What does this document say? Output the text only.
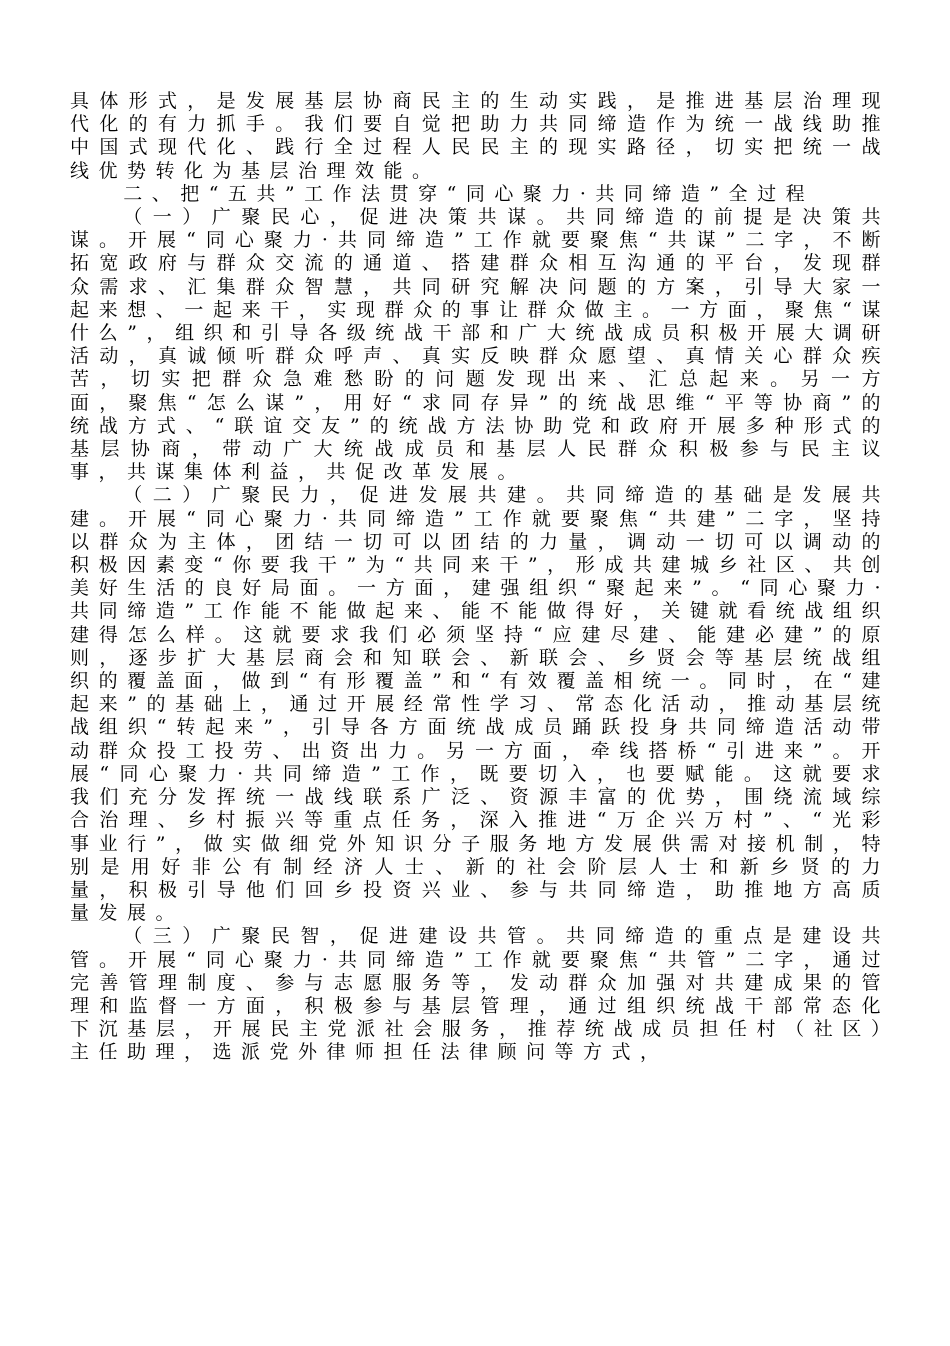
具体形式，是发展基层协商民主的生动实践，是推进基层治理现代化的有力抓手。我们要自觉把助力共同缔造作为统一战线助推中国式现代化、践行全过程人民民主的现实路径，切实把统一战线优势转化为基层治理效能。

二、把“五共”工作法贯穿“同心聚力·共同缔造”全过程

（一）广聚民心，促进决策共谋。共同缔造的前提是决策共谋。开展“同心聚力·共同缔造”工作就要聚焦“共谋”二字，不断拓宽政府与群众交流的通道、搭建群众相互沟通的平台，发现群众需求、汇集群众智慧，共同研究解决问题的方案，引导大家一起来想、一起来干，实现群众的事让群众做主。一方面，聚焦“谋什么”，组织和引导各级统战干部和广大统战成员积极开展大调研活动，真诚倾听群众呼声、真实反映群众愿望、真情关心群众疾苦，切实把群众急难愁盼的问题发现出来、汇总起来。另一方面，聚焦“怎么谋”，用好“求同存异”的统战思维“平等协商”的统战方式、“联谊交友”的统战方法协助党和政府开展多种形式的基层协商，带动广大统战成员和基层人民群众积极参与民主议事，共谋集体利益，共促改革发展。

（二）广聚民力，促进发展共建。共同缔造的基础是发展共建。开展“同心聚力·共同缔造”工作就要聚焦“共建”二字，坚持以群众为主体，团结一切可以团结的力量，调动一切可以调动的积极因素变“你要我干”为“共同来干”，形成共建城乡社区、共创美好生活的良好局面。一方面，建强组织“聚起来”。“同心聚力·共同缔造”工作能不能做起来、能不能做得好，关键就看统战组织建得怎么样。这就要求我们必须坚持“应建尽建、能建必建”的原则，逐步扩大基层商会和知联会、新联会、乡贤会等基层统战组织的覆盖面，做到“有形覆盖”和“有效覆盖相统一。同时，在“建起来”的基础上，通过开展经常性学习、常态化活动，推动基层统战组织“转起来”，引导各方面统战成员踊跃投身共同缔造活动带动群众投工投劳、出资出力。另一方面，牵线搭桥“引进来”。开展“同心聚力·共同缔造”工作，既要切入，也要赋能。这就要求我们充分发挥统一战线联系广泛、资源丰富的优势，围绕流域综合治理、乡村振兴等重点任务，深入推进“万企兴万村”、“光彩事业行”，做实做细党外知识分子服务地方发展供需对接机制，特别是用好非公有制经济人士、新的社会阶层人士和新乡贤的力量，积极引导他们回乡投资兴业、参与共同缔造，助推地方高质量发展。

（三）广聚民智，促进建设共管。共同缔造的重点是建设共管。开展“同心聚力·共同缔造”工作就要聚焦“共管”二字，通过完善管理制度、参与志愿服务等，发动群众加强对共建成果的管理和监督一方面，积极参与基层管理，通过组织统战干部常态化下沉基层，开展民主党派社会服务，推荐统战成员担任村（社区）主任助理，选派党外律师担任法律顾问等方式，
